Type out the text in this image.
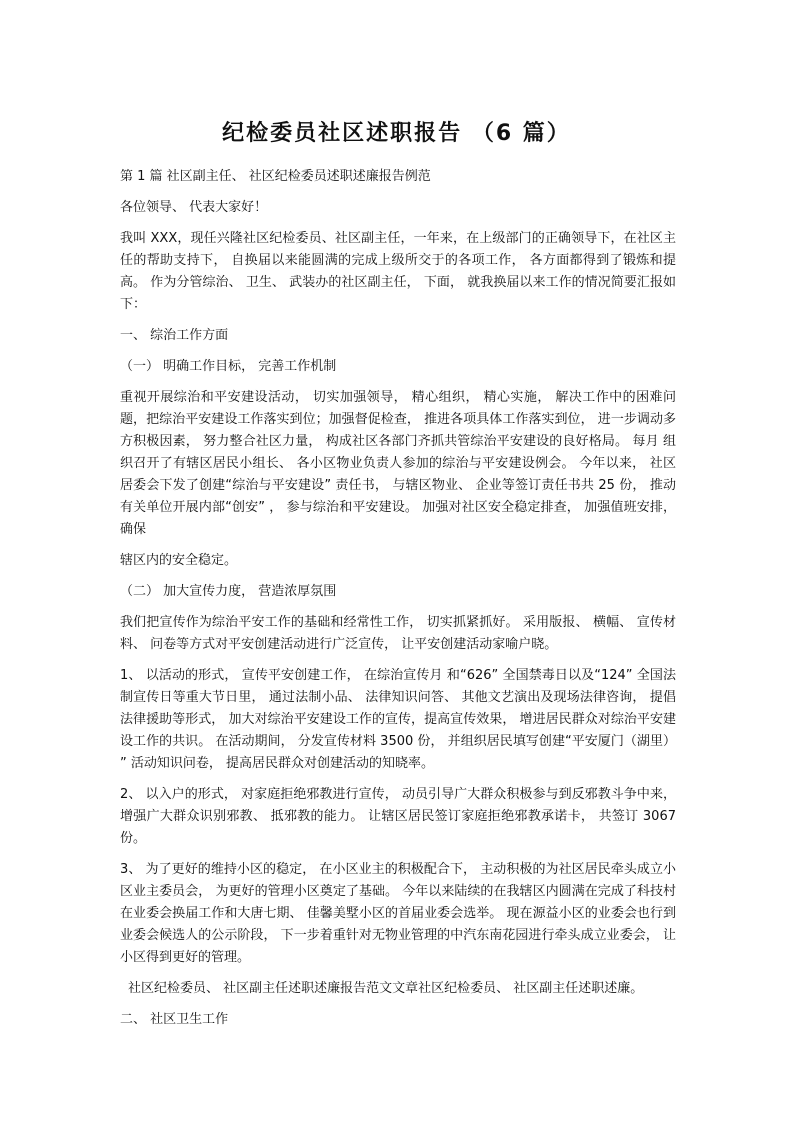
纪检委员社区述职报告 （6 篇）

第 1 篇 社区副主任、 社区纪检委员述职述廉报告例范

各位领导、 代表大家好！

我叫 XXX，现任兴隆社区纪检委员、社区副主任，一年来，在上级部门的正确领导下，在社区主任的帮助支持下， 自换届以来能圆满的完成上级所交于的各项工作， 各方面都得到了锻炼和提高。 作为分管综治、 卫生、 武装办的社区副主任， 下面， 就我换届以来工作的情况简要汇报如下：

一、 综治工作方面

（一） 明确工作目标， 完善工作机制

重视开展综治和平安建设活动， 切实加强领导， 精心组织， 精心实施， 解决工作中的困难问题，把综治平安建设工作落实到位；加强督促检查， 推进各项具体工作落实到位， 进一步调动多方积极因素， 努力整合社区力量， 构成社区各部门齐抓共管综治平安建设的良好格局。 每月 组织召开了有辖区居民小组长、 各小区物业负责人参加的综治与平安建设例会。 今年以来， 社区居委会下发了创建“综治与平安建设” 责任书， 与辖区物业、 企业等签订责任书共 25 份， 推动有关单位开展内部“创安” ， 参与综治和平安建设。 加强对社区安全稳定排查， 加强值班安排， 确保

辖区内的安全稳定。

（二） 加大宣传力度， 营造浓厚氛围

我们把宣传作为综治平安工作的基础和经常性工作， 切实抓紧抓好。 采用版报、 横幅、 宣传材料、 问卷等方式对平安创建活动进行广泛宣传， 让平安创建活动家喻户晓。

1、 以活动的形式， 宣传平安创建工作， 在综治宣传月 和“626” 全国禁毒日以及“124” 全国法制宣传日等重大节日里， 通过法制小品、 法律知识问答、 其他文艺演出及现场法律咨询， 提倡法律援助等形式， 加大对综治平安建设工作的宣传，提高宣传效果， 增进居民群众对综治平安建设工作的共识。 在活动期间， 分发宣传材料 3500 份， 并组织居民填写创建“平安厦门（湖里） ” 活动知识问卷， 提高居民群众对创建活动的知晓率。

2、 以入户的形式， 对家庭拒绝邪教进行宣传， 动员引导广大群众积极参与到反邪教斗争中来， 增强广大群众识别邪教、 抵邪教的能力。 让辖区居民签订家庭拒绝邪教承诺卡， 共签订 3067 份。

3、 为了更好的维持小区的稳定， 在小区业主的积极配合下， 主动积极的为社区居民牵头成立小区业主委员会， 为更好的管理小区奠定了基础。 今年以来陆续的在我辖区内圆满在完成了科技村在业委会换届工作和大唐七期、 佳馨美墅小区的首届业委会选举。 现在源益小区的业委会也行到业委会候选人的公示阶段， 下一步着重针对无物业管理的中汽东南花园进行牵头成立业委会， 让小区得到更好的管理。

社区纪检委员、 社区副主任述职述廉报告范文文章社区纪检委员、 社区副主任述职述廉。

二、 社区卫生工作
